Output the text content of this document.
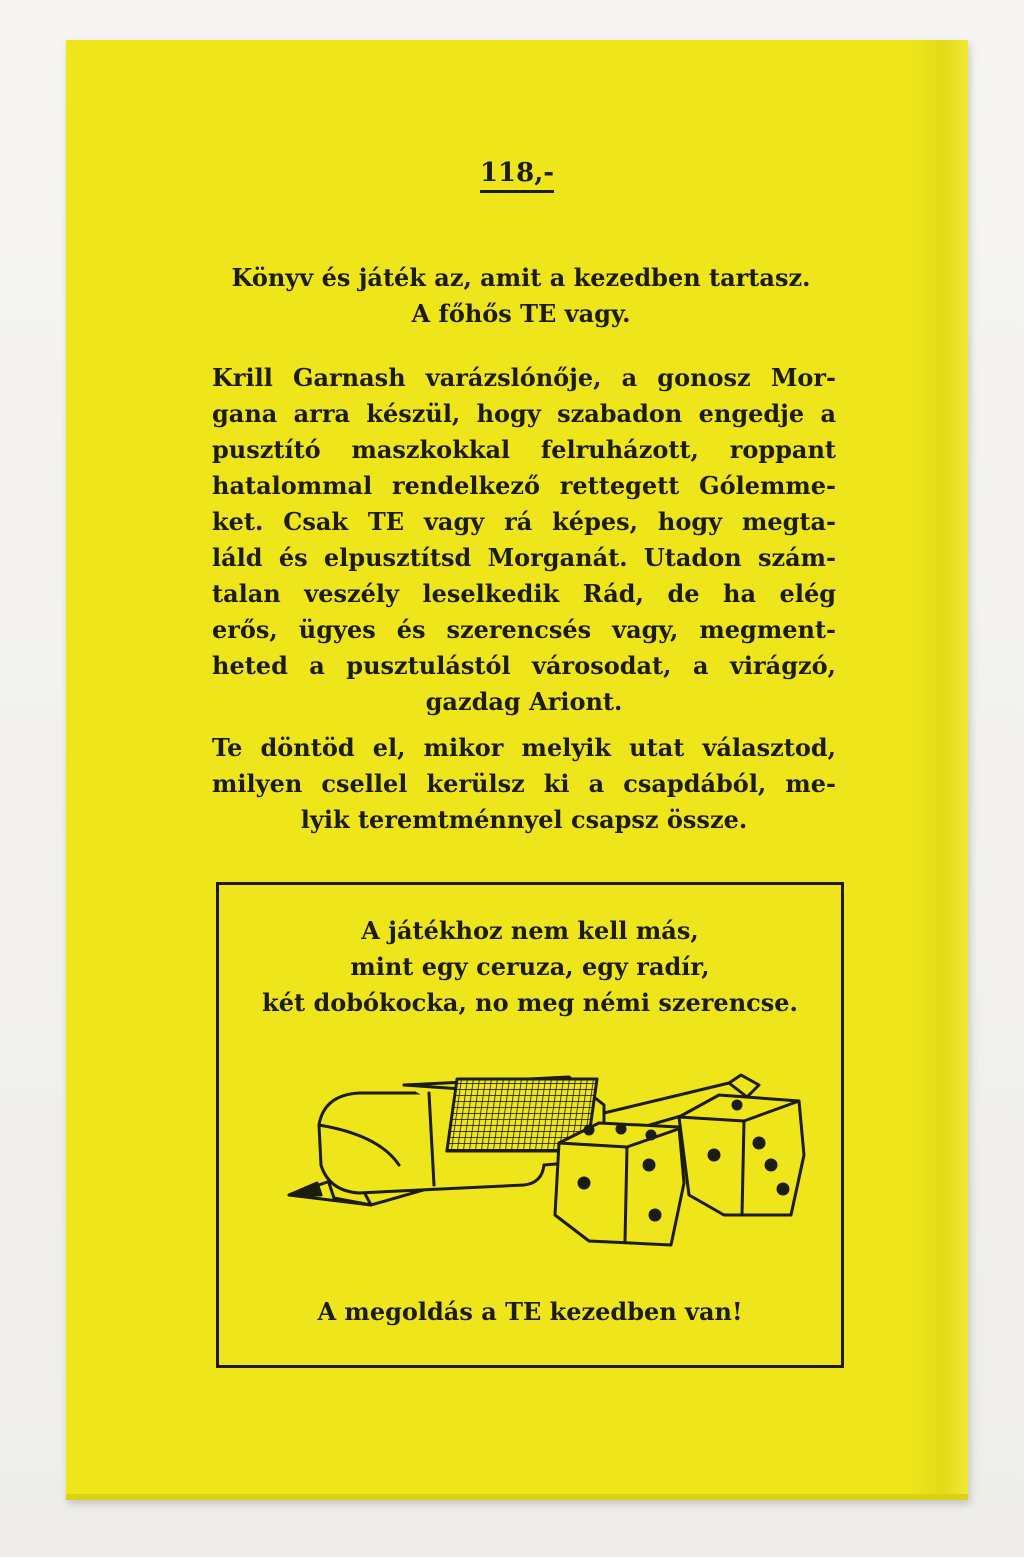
118,-

Könyv és játék az, amit a kezedben tartasz.
A főhős TE vagy.

Krill Garnash varázslónője, a gonosz Mor-
gana arra készül, hogy szabadon engedje a
pusztító maszkokkal felruházott, roppant
hatalommal rendelkező rettegett Gólemme-
ket. Csak TE vagy rá képes, hogy megta-
láld és elpusztítsd Morganát. Utadon szám-
talan veszély leselkedik Rád, de ha elég
erős, ügyes és szerencsés vagy, megment-
heted a pusztulástól városodat, a virágzó,
gazdag Ariont.

Te döntöd el, mikor melyik utat választod,
milyen csellel kerülsz ki a csapdából, me-
lyik teremtménnyel csapsz össze.

A játékhoz nem kell más,
mint egy ceruza, egy radír,
két dobókocka, no meg némi szerencse.

A megoldás a TE kezedben van!
